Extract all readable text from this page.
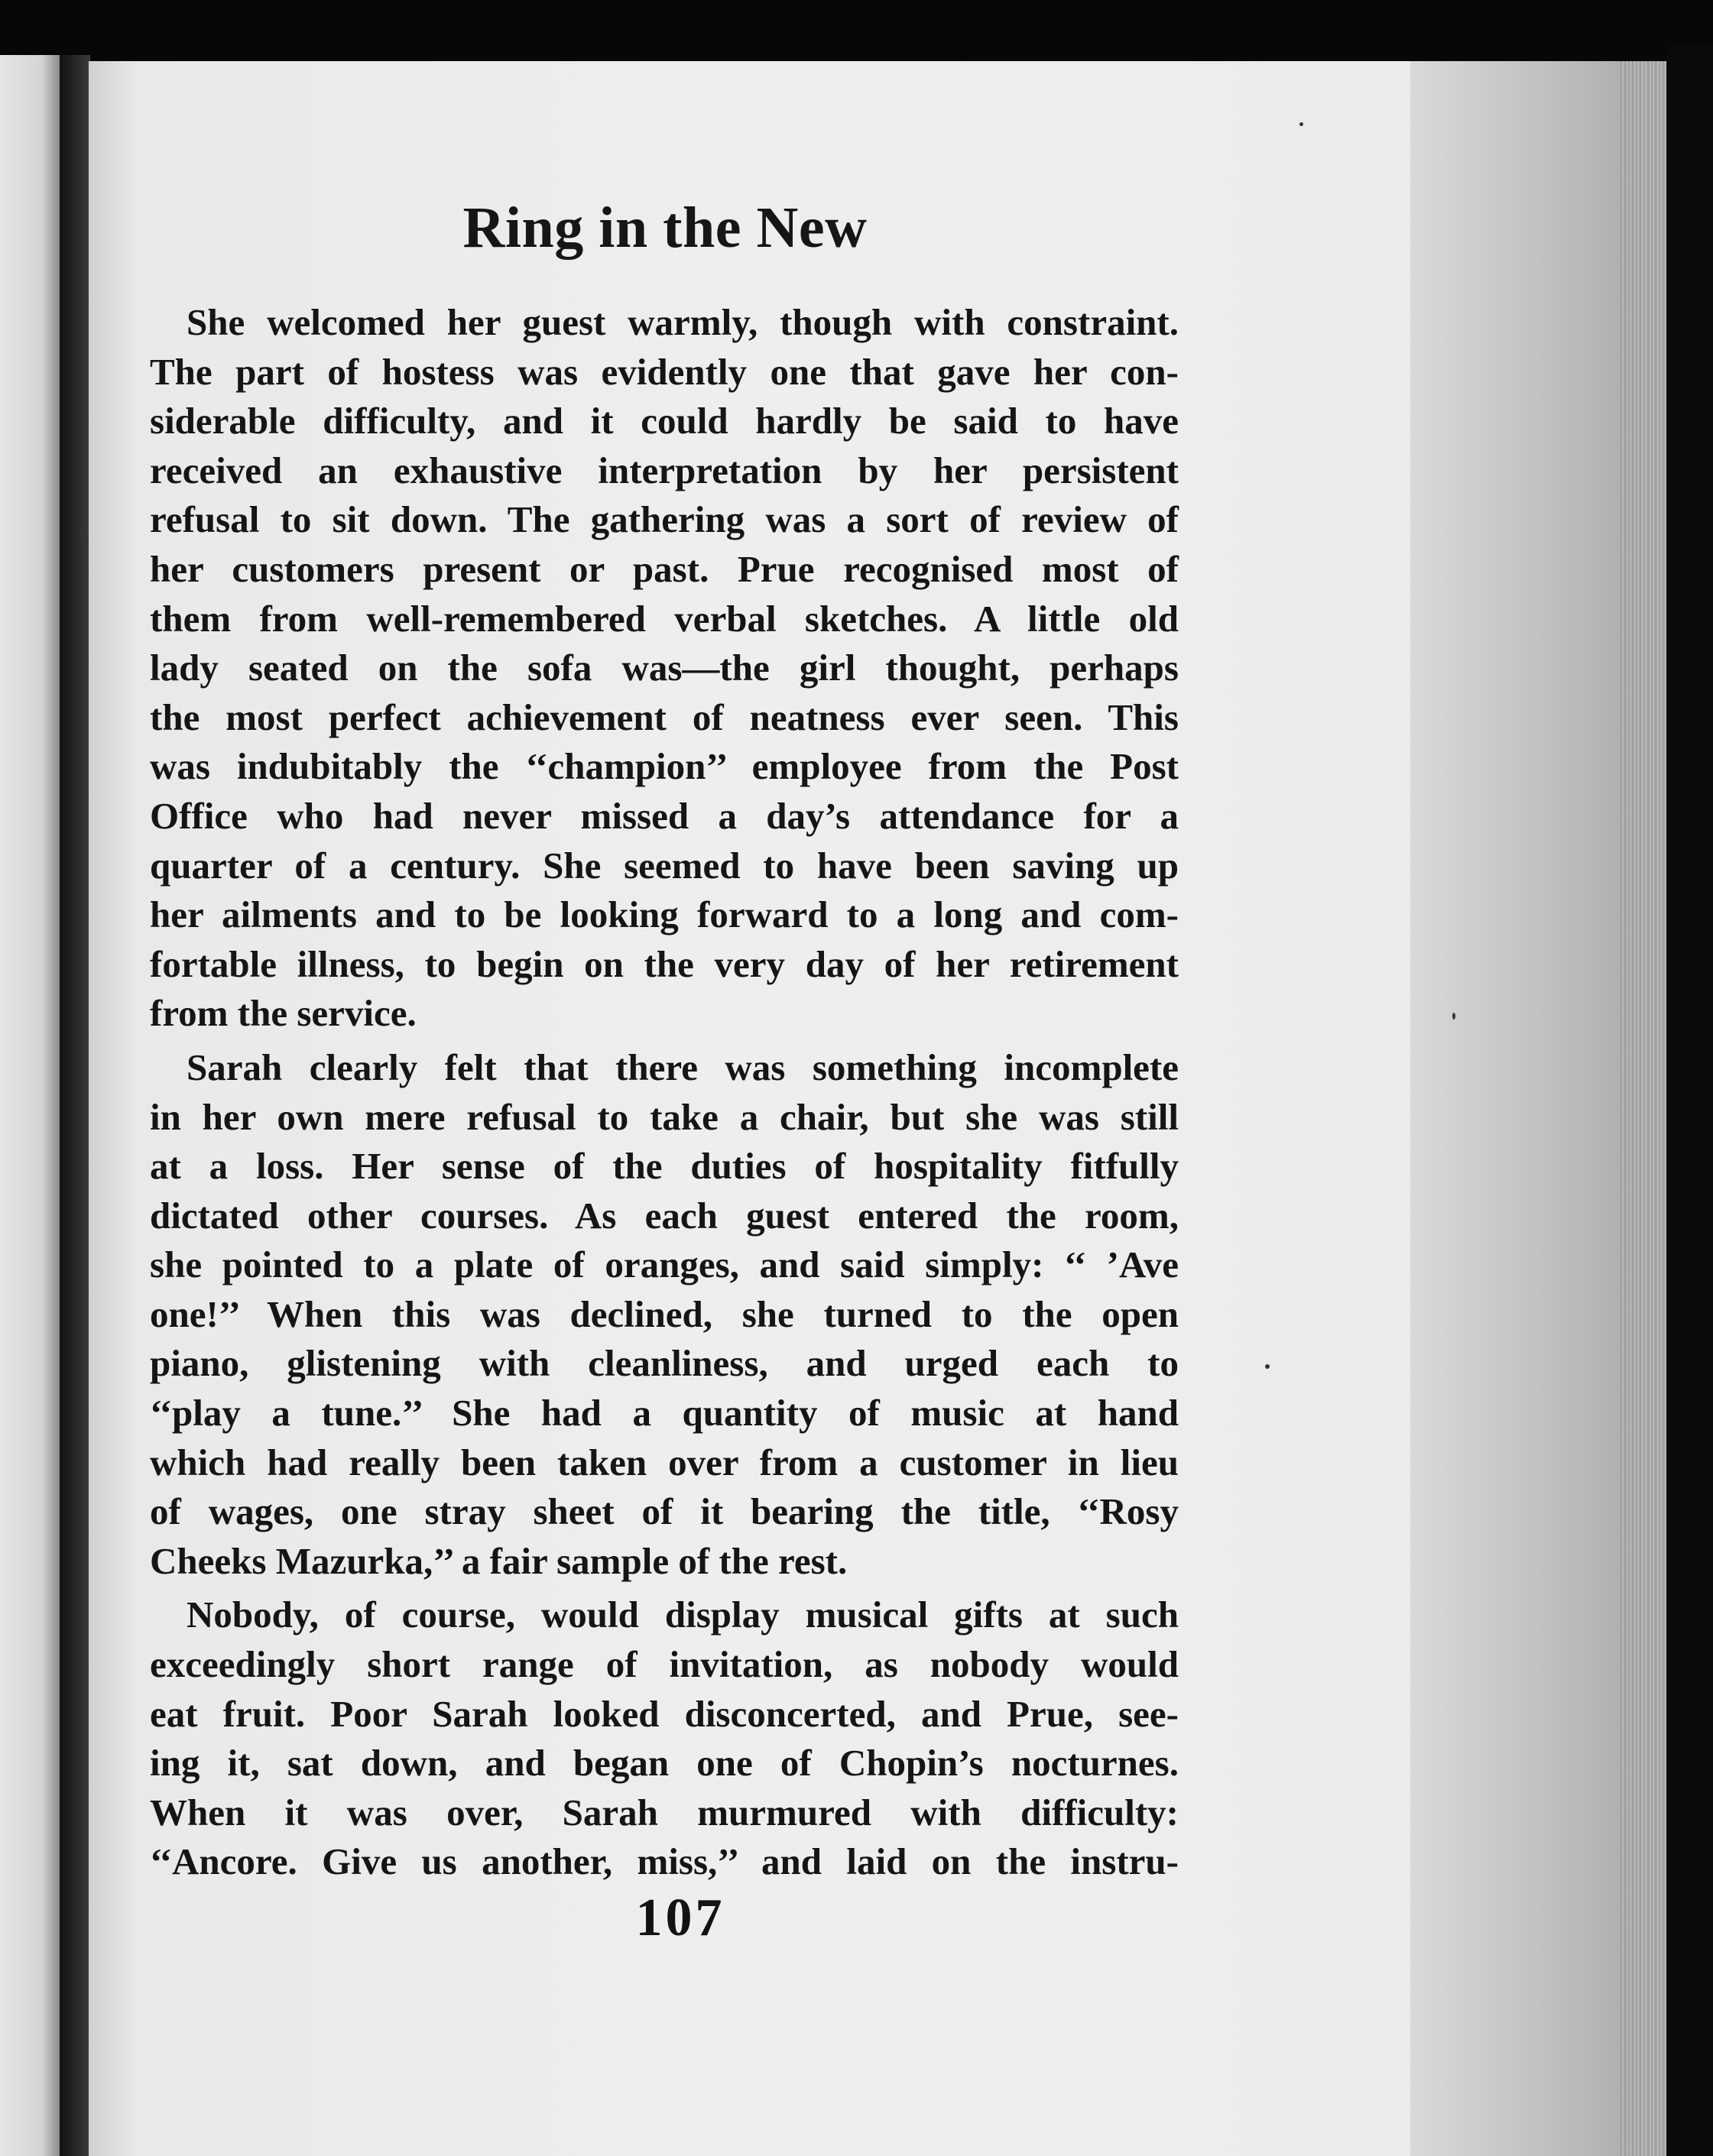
Ring in the New
She welcomed her guest warmly, though with constraint.
The part of hostess was evidently one that gave her con-
siderable difficulty, and it could hardly be said to have
received an exhaustive interpretation by her persistent
refusal to sit down. The gathering was a sort of review of
her customers present or past. Prue recognised most of
them from well-remembered verbal sketches. A little old
lady seated on the sofa was—the girl thought, perhaps
the most perfect achievement of neatness ever seen. This
was indubitably the ‘‘champion’’ employee from the Post
Office who had never missed a day’s attendance for a
quarter of a century. She seemed to have been saving up
her ailments and to be looking forward to a long and com-
fortable illness, to begin on the very day of her retirement
from the service.
Sarah clearly felt that there was something incomplete
in her own mere refusal to take a chair, but she was still
at a loss. Her sense of the duties of hospitality fitfully
dictated other courses. As each guest entered the room,
she pointed to a plate of oranges, and said simply: ‘‘ ’Ave
one!’’ When this was declined, she turned to the open
piano, glistening with cleanliness, and urged each to
‘‘play a tune.’’ She had a quantity of music at hand
which had really been taken over from a customer in lieu
of wages, one stray sheet of it bearing the title, ‘‘Rosy
Cheeks Mazurka,’’ a fair sample of the rest.
Nobody, of course, would display musical gifts at such
exceedingly short range of invitation, as nobody would
eat fruit. Poor Sarah looked disconcerted, and Prue, see-
ing it, sat down, and began one of Chopin’s nocturnes.
When it was over, Sarah murmured with difficulty:
‘‘Ancore. Give us another, miss,’’ and laid on the instru-
107
